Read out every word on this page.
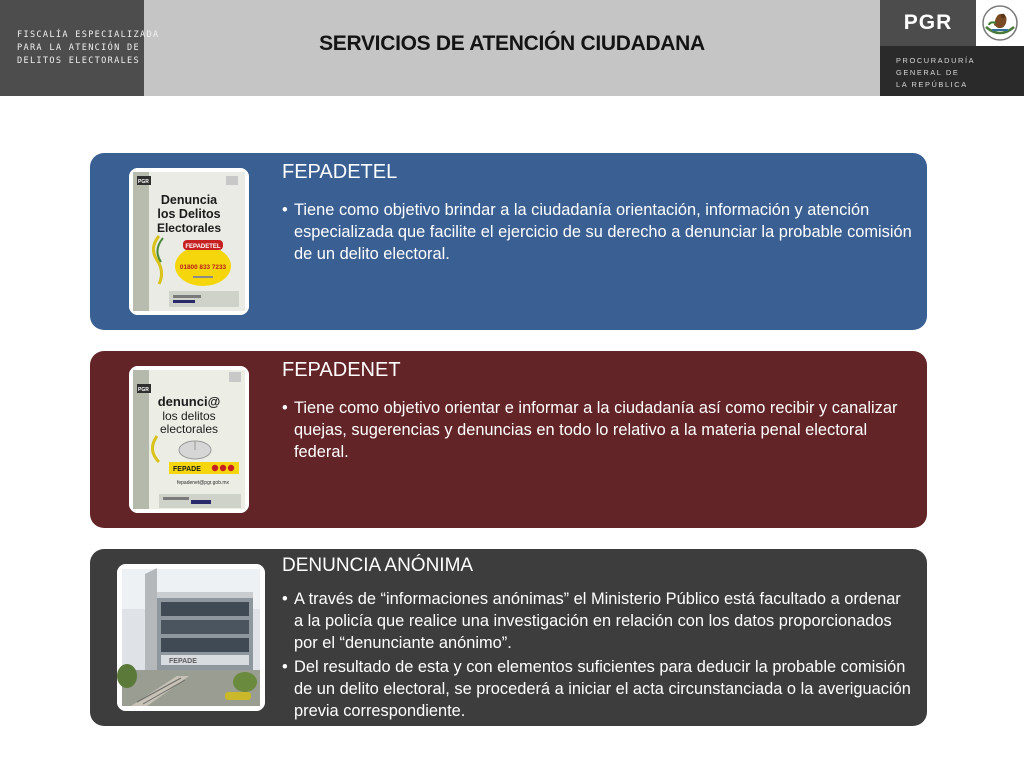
FISCALÍA ESPECIALIZADA
PARA LA ATENCIÓN DE
DELITOS ELECTORALES
SERVICIOS DE ATENCIÓN CIUDADANA
PGR
PROCURADURÍA
GENERAL DE
LA REPÚBLICA
PGR
Denuncia
los Delitos
Electorales
FEPADETEL
01800 833 7233
FEPADETEL
• Tiene como objetivo brindar a la ciudadanía orientación, información y atención especializada que facilite el ejercicio de su derecho a denunciar la probable comisión de un delito electoral.
PGR
denunci@
los delitos
electorales
FEPADE
fepadenet@pgr.gob.mx
FEPADENET
• Tiene como objetivo orientar e informar a la ciudadanía así como recibir y canalizar quejas, sugerencias y denuncias en todo lo relativo a la materia penal electoral federal.
FEPADE
DENUNCIA ANÓNIMA
• A través de “informaciones anónimas” el Ministerio Público está facultado a ordenar a la policía que realice una investigación en relación con los datos proporcionados por el “denunciante anónimo”.
• Del resultado de esta y con elementos suficientes para deducir la probable comisión de un delito electoral, se procederá a iniciar el acta circunstanciada o la averiguación previa correspondiente.
